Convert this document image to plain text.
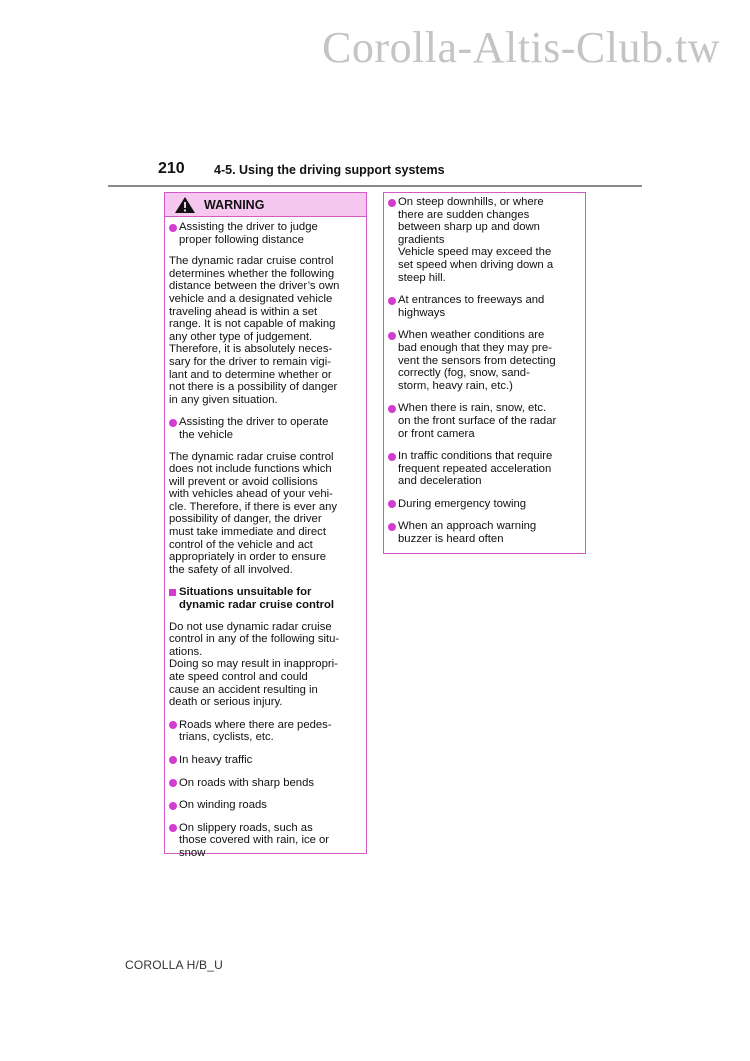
Corolla-Altis-Club.tw
210 4-5. Using the driving support systems
WARNING
Assisting the driver to judge
proper following distance

The dynamic radar cruise control
determines whether the following
distance between the driver’s own
vehicle and a designated vehicle
traveling ahead is within a set
range. It is not capable of making
any other type of judgement.
Therefore, it is absolutely neces-
sary for the driver to remain vigi-
lant and to determine whether or
not there is a possibility of danger
in any given situation.

Assisting the driver to operate
the vehicle

The dynamic radar cruise control
does not include functions which
will prevent or avoid collisions
with vehicles ahead of your vehi-
cle. Therefore, if there is ever any
possibility of danger, the driver
must take immediate and direct
control of the vehicle and act
appropriately in order to ensure
the safety of all involved.

Situations unsuitable for
dynamic radar cruise control

Do not use dynamic radar cruise
control in any of the following situ-
ations.
Doing so may result in inappropri-
ate speed control and could
cause an accident resulting in
death or serious injury.

Roads where there are pedes-
trians, cyclists, etc.
In heavy traffic
On roads with sharp bends
On winding roads
On slippery roads, such as
those covered with rain, ice or
snow
On steep downhills, or where
there are sudden changes
between sharp up and down
gradients
Vehicle speed may exceed the
set speed when driving down a
steep hill.
At entrances to freeways and
highways
When weather conditions are
bad enough that they may pre-
vent the sensors from detecting
correctly (fog, snow, sand-
storm, heavy rain, etc.)
When there is rain, snow, etc.
on the front surface of the radar
or front camera
In traffic conditions that require
frequent repeated acceleration
and deceleration
During emergency towing
When an approach warning
buzzer is heard often
COROLLA H/B_U
